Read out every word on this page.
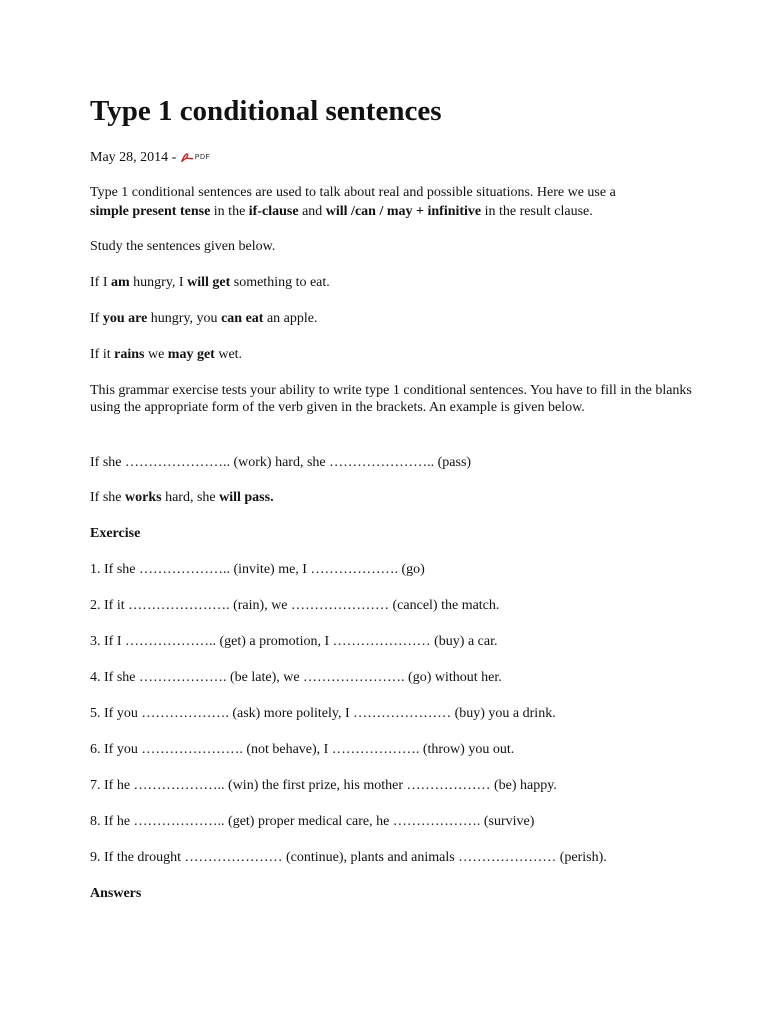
Type 1 conditional sentences

May 28, 2014 -	PDF

Type 1 conditional sentences are used to talk about real and possible situations. Here we use a

simple present tense in the if-clause and will /can / may + infinitive in the result clause.

Study the sentences given below.

If I am hungry, I will get something to eat.

If you are hungry, you can eat an apple.

If it rains we may get wet.

This grammar exercise tests your ability to write type 1 conditional sentences. You have to fill in the blanks using the appropriate form of the verb given in the brackets. An example is given below.

If she ………………….. (work) hard, she ………………….. (pass)

If she works hard, she will pass.

Exercise

1. If she ……………….. (invite) me, I ………………. (go)

2. If it …………………. (rain), we ………………… (cancel) the match.

3. If I ……………….. (get) a promotion, I ………………… (buy) a car.

4. If she ………………. (be late), we …………………. (go) without her.

5. If you ………………. (ask) more politely, I ………………… (buy) you a drink.

6. If you …………………. (not behave), I ………………. (throw) you out.

7. If he ……………….. (win) the first prize, his mother ……………… (be) happy.

8. If he ……………….. (get) proper medical care, he ………………. (survive)

9. If the drought ………………… (continue), plants and animals ………………… (perish).

Answers
